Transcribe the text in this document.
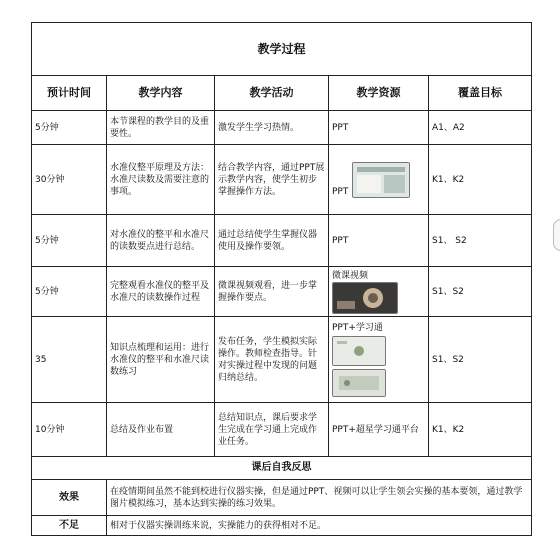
教学过程				
预计时间	教学内容	教学活动	教学资源	覆盖目标
5分钟	本节课程的教学目的及重要性。	激发学生学习热情。	PPT	A1、A2
30分钟	水准仪整平原理及方法：水准尺读数及需要注意的事项。	结合教学内容，通过PPT展示教学内容，使学生初步掌握操作方法。	PPT	K1、K2
5分钟	对水准仪的整平和水准尺的读数要点进行总结。	通过总结使学生掌握仪器使用及操作要领。	PPT	S1、 S2
5分钟	完整观看水准仪的整平及水准尺的读数操作过程	微课视频观看，进一步掌握操作要点。	微课视频	S1、S2
35	知识点梳理和运用：进行水准仪的整平和水准尺读数练习	发布任务，学生模拟实际操作。教师检查指导。针对实操过程中发现的问题归纳总结。	PPT+学习通	S1、S2
10分钟	总结及作业布置	总结知识点，课后要求学生完成在学习通上完成作业任务。	PPT+超星学习通平台	K1、K2
课后自我反思				
效果	在疫情期间虽然不能到校进行仪器实操，但是通过PPT、视频可以让学生领会实操的基本要领，通过教学图片模拟练习，基本达到实操的练习效果。			
不足	相对于仪器实操训练来说，实操能力的获得相对不足。			
